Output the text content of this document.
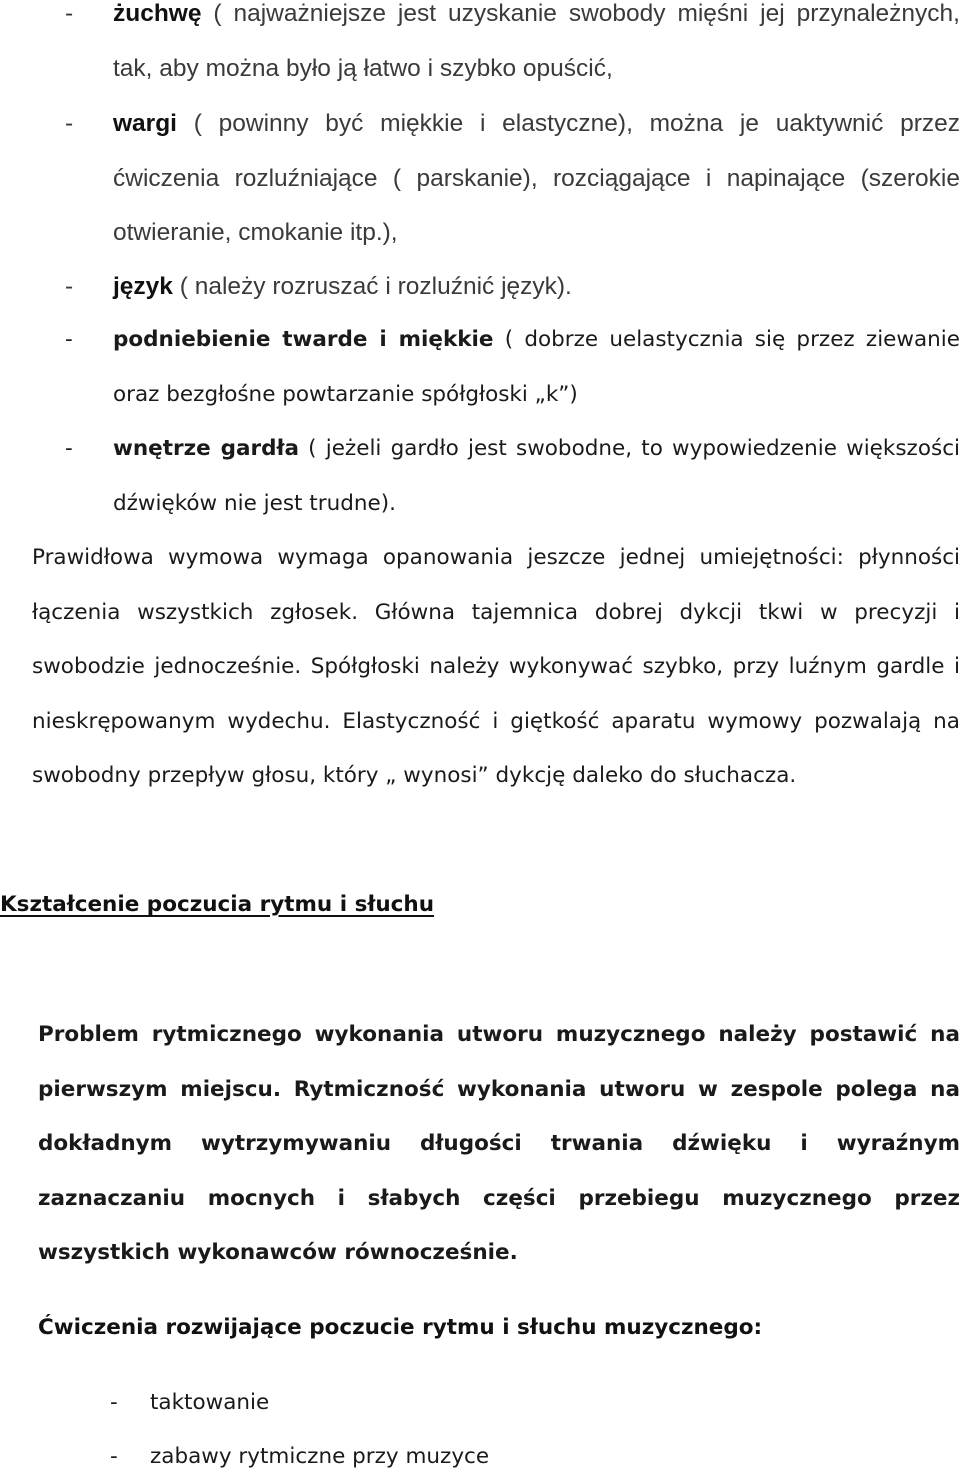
- żuchwę ( najważniejsze jest uzyskanie swobody mięśni jej przynależnych, tak, aby można było ją łatwo i szybko opuścić,
- wargi ( powinny być miękkie i elastyczne), można je uaktywnić przez ćwiczenia rozluźniające ( parskanie), rozciągające i napinające (szerokie otwieranie, cmokanie itp.),
- język ( należy rozruszać i rozluźnić język).
- podniebienie twarde i miękkie ( dobrze uelastycznia się przez ziewanie oraz bezgłośne powtarzanie spółgłoski „k”)
- wnętrze gardła ( jeżeli gardło jest swobodne, to wypowiedzenie większości dźwięków nie jest trudne).
Prawidłowa wymowa wymaga opanowania jeszcze jednej umiejętności: płynności łączenia wszystkich zgłosek. Główna tajemnica dobrej dykcji tkwi w precyzji i swobodzie jednocześnie. Spółgłoski należy wykonywać szybko, przy luźnym gardle i nieskrępowanym wydechu. Elastyczność i giętkość aparatu wymowy pozwalają na swobodny przepływ głosu, który „ wynosi” dykcję daleko do słuchacza.
Kształcenie poczucia rytmu i słuchu
Problem rytmicznego wykonania utworu muzycznego należy postawić na pierwszym miejscu. Rytmiczność wykonania utworu w zespole polega na dokładnym wytrzymywaniu długości trwania dźwięku i wyraźnym zaznaczaniu mocnych i słabych części przebiegu muzycznego przez wszystkich wykonawców równocześnie.
Ćwiczenia rozwijające poczucie rytmu i słuchu muzycznego:
- taktowanie
- zabawy rytmiczne przy muzyce
